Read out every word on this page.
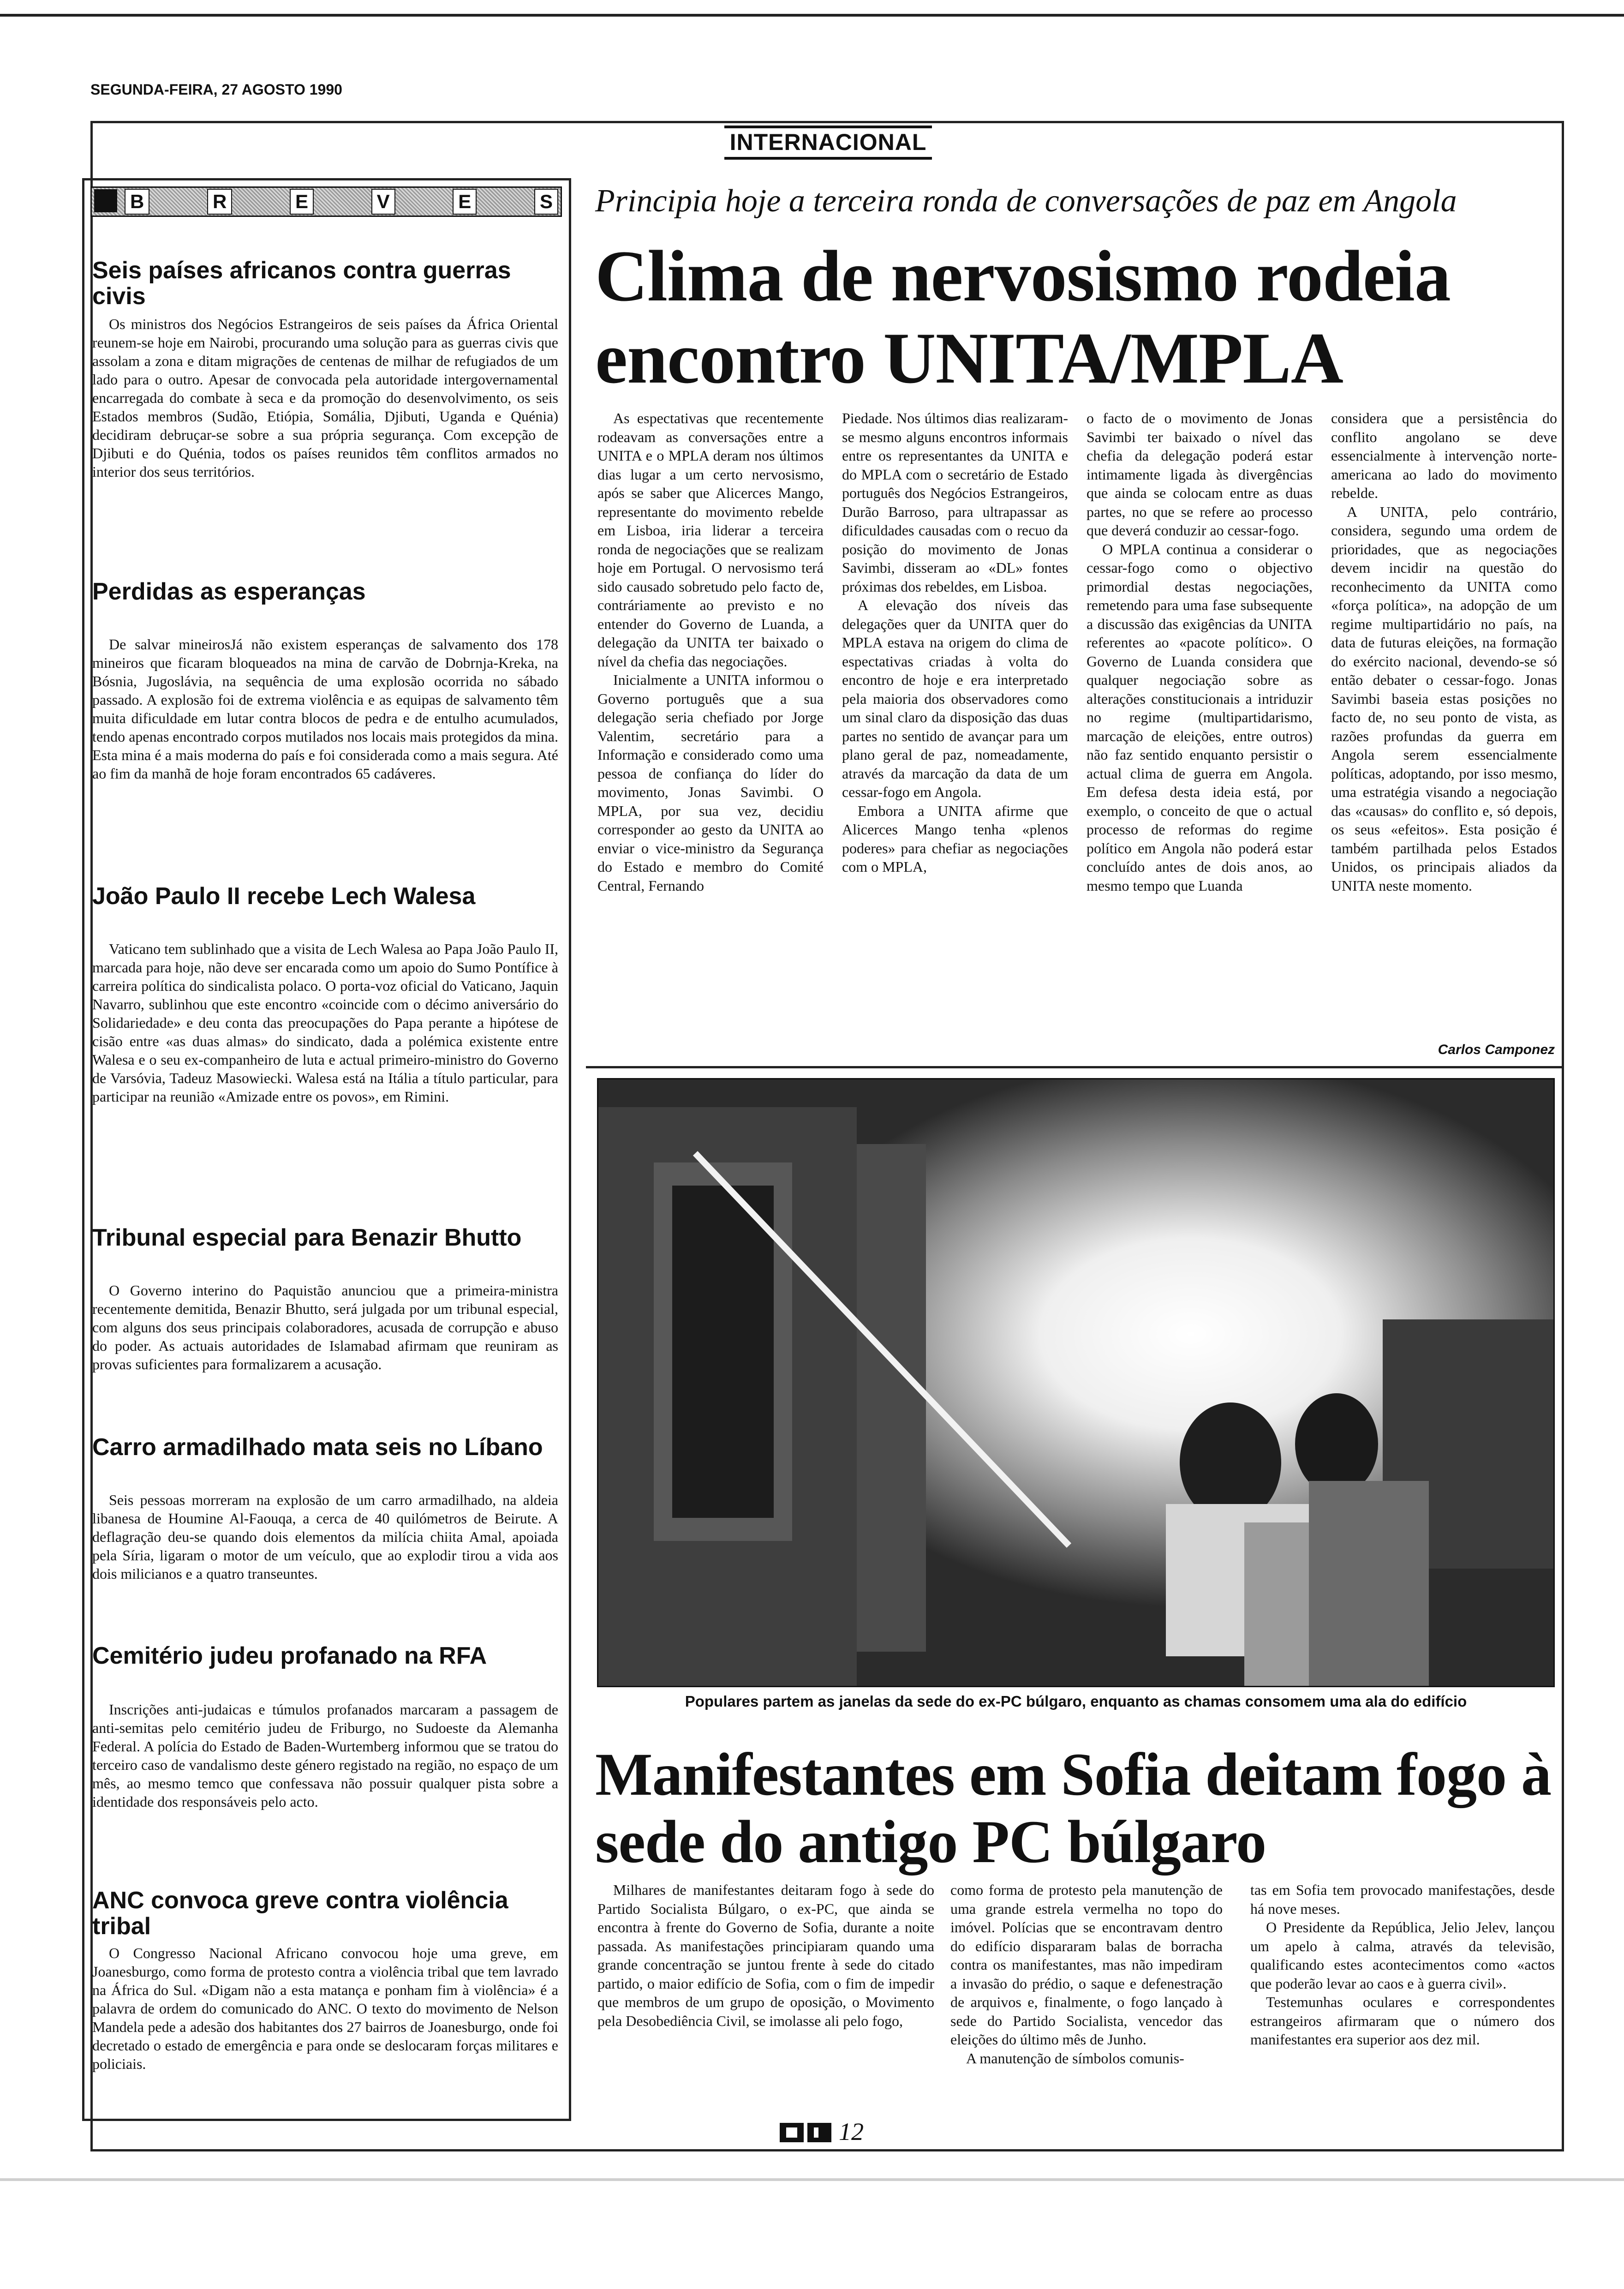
SEGUNDA-FEIRA, 27 AGOSTO 1990
INTERNACIONAL
B	R	E	V	E	S
Seis países africanos contra guerras civis
Os ministros dos Negócios Estrangeiros de seis países da África Oriental reunem-se hoje em Nairobi, procurando uma solução para as guerras civis que assolam a zona e ditam migrações de centenas de milhar de refugiados de um lado para o outro. Apesar de convocada pela autoridade intergovernamental encarregada do combate à seca e da promoção do desenvolvimento, os seis Estados membros (Sudão, Etiópia, Somália, Djibuti, Uganda e Quénia) decidiram debruçar-se sobre a sua própria segurança. Com excepção de Djibuti e do Quénia, todos os países reunidos têm conflitos armados no interior dos seus territórios.
Perdidas as esperanças
De salvar mineirosJá não existem esperanças de salvamento dos 178 mineiros que ficaram bloqueados na mina de carvão de Dobrnja-Kreka, na Bósnia, Jugoslávia, na sequência de uma explosão ocorrida no sábado passado. A explosão foi de extrema violência e as equipas de salvamento têm muita dificuldade em lutar contra blocos de pedra e de entulho acumulados, tendo apenas encontrado corpos mutilados nos locais mais protegidos da mina. Esta mina é a mais moderna do país e foi considerada como a mais segura. Até ao fim da manhã de hoje foram encontrados 65 cadáveres.
João Paulo II recebe Lech Walesa
Vaticano tem sublinhado que a visita de Lech Walesa ao Papa João Paulo II, marcada para hoje, não deve ser encarada como um apoio do Sumo Pontífice à carreira política do sindicalista polaco. O porta-voz oficial do Vaticano, Jaquin Navarro, sublinhou que este encontro «coincide com o décimo aniversário do Solidariedade» e deu conta das preocupações do Papa perante a hipótese de cisão entre «as duas almas» do sindicato, dada a polémica existente entre Walesa e o seu ex-companheiro de luta e actual primeiro-ministro do Governo de Varsóvia, Tadeuz Masowiecki. Walesa está na Itália a título particular, para participar na reunião «Amizade entre os povos», em Rimini.
Tribunal especial para Benazir Bhutto
O Governo interino do Paquistão anunciou que a primeira-ministra recentemente demitida, Benazir Bhutto, será julgada por um tribunal especial, com alguns dos seus principais colaboradores, acusada de corrupção e abuso do poder. As actuais autoridades de Islamabad afirmam que reuniram as provas suficientes para formalizarem a acusação.
Carro armadilhado mata seis no Líbano
Seis pessoas morreram na explosão de um carro armadilhado, na aldeia libanesa de Houmine Al-Faouqa, a cerca de 40 quilómetros de Beirute. A deflagração deu-se quando dois elementos da milícia chiita Amal, apoiada pela Síria, ligaram o motor de um veículo, que ao explodir tirou a vida aos dois milicianos e a quatro transeuntes.
Cemitério judeu profanado na RFA
Inscrições anti-judaicas e túmulos profanados marcaram a passagem de anti-semitas pelo cemitério judeu de Friburgo, no Sudoeste da Alemanha Federal. A polícia do Estado de Baden-Wurtemberg informou que se tratou do terceiro caso de vandalismo deste género registado na região, no espaço de um mês, ao mesmo temco que confessava não possuir qualquer pista sobre a identidade dos responsáveis pelo acto.
ANC convoca greve contra violência tribal
O Congresso Nacional Africano convocou hoje uma greve, em Joanesburgo, como forma de protesto contra a violência tribal que tem lavrado na África do Sul. «Digam não a esta matança e ponham fim à violência» é a palavra de ordem do comunicado do ANC. O texto do movimento de Nelson Mandela pede a adesão dos habitantes dos 27 bairros de Joanesburgo, onde foi decretado o estado de emergência e para onde se deslocaram forças militares e policiais.
Principia hoje a terceira ronda de conversações de paz em Angola
Clima de nervosismo rodeia encontro UNITA/MPLA

As espectativas que recentemente rodeavam as conversações entre a UNITA e o MPLA deram nos últimos dias lugar a um certo nervosismo, após se saber que Alicerces Mango, representante do movimento rebelde em Lisboa, iria liderar a terceira ronda de negociações que se realizam hoje em Portugal. O nervosismo terá sido causado sobretudo pelo facto de, contráriamente ao previsto e no entender do Governo de Luanda, a delegação da UNITA ter baixado o nível da chefia das negociações.

Inicialmente a UNITA informou o Governo português que a sua delegação seria chefiado por Jorge Valentim, secretário para a Informação e considerado como uma pessoa de confiança do líder do movimento, Jonas Savimbi. O MPLA, por sua vez, decidiu corresponder ao gesto da UNITA ao enviar o vice-ministro da Segurança do Estado e membro do Comité Central, Fernando

Piedade. Nos últimos dias realizaram-se mesmo alguns encontros informais entre os representantes da UNITA e do MPLA com o secretário de Estado português dos Negócios Estrangeiros, Durão Barroso, para ultrapassar as dificuldades causadas com o recuo da posição do movimento de Jonas Savimbi, disseram ao «DL» fontes próximas dos rebeldes, em Lisboa.

A elevação dos níveis das delegações quer da UNITA quer do MPLA estava na origem do clima de espectativas criadas à volta do encontro de hoje e era interpretado pela maioria dos observadores como um sinal claro da disposição das duas partes no sentido de avançar para um plano geral de paz, nomeadamente, através da marcação da data de um cessar-fogo em Angola.

Embora a UNITA afirme que Alicerces Mango tenha «plenos poderes» para chefiar as negociações com o MPLA,

o facto de o movimento de Jonas Savimbi ter baixado o nível das chefia da delegação poderá estar intimamente ligada às divergências que ainda se colocam entre as duas partes, no que se refere ao processo que deverá conduzir ao cessar-fogo.

O MPLA continua a considerar o cessar-fogo como o objectivo primordial destas negociações, remetendo para uma fase subsequente a discussão das exigências da UNITA referentes ao «pacote político». O Governo de Luanda considera que qualquer negociação sobre as alterações constitucionais a intriduzir no regime (multipartidarismo, marcação de eleições, entre outros) não faz sentido enquanto persistir o actual clima de guerra em Angola. Em defesa desta ideia está, por exemplo, o conceito de que o actual processo de reformas do regime político em Angola não poderá estar concluído antes de dois anos, ao mesmo tempo que Luanda

considera que a persistência do conflito angolano se deve essencialmente à intervenção norte-americana ao lado do movimento rebelde.

A UNITA, pelo contrário, considera, segundo uma ordem de prioridades, que as negociações devem incidir na questão do reconhecimento da UNITA como «força política», na adopção de um regime multipartidário no país, na data de futuras eleições, na formação do exército nacional, devendo-se só então debater o cessar-fogo. Jonas Savimbi baseia estas posições no facto de, no seu ponto de vista, as razões profundas da guerra em Angola serem essencialmente políticas, adoptando, por isso mesmo, uma estratégia visando a negociação das «causas» do conflito e, só depois, os seus «efeitos». Esta posição é também partilhada pelos Estados Unidos, os principais aliados da UNITA neste momento.

Carlos Camponez
Populares partem as janelas da sede do ex-PC búlgaro, enquanto as chamas consomem uma ala do edifício
Manifestantes em Sofia deitam fogo à sede do antigo PC búlgaro

Milhares de manifestantes deitaram fogo à sede do Partido Socialista Búlgaro, o ex-PC, que ainda se encontra à frente do Governo de Sofia, durante a noite passada. As manifestações principiaram quando uma grande concentração se juntou frente à sede do citado partido, o maior edifício de Sofia, com o fim de impedir que membros de um grupo de oposição, o Movimento pela Desobediência Civil, se imolasse ali pelo fogo,

como forma de protesto pela manutenção de uma grande estrela vermelha no topo do imóvel. Polícias que se encontravam dentro do edifício dispararam balas de borracha contra os manifestantes, mas não impediram a invasão do prédio, o saque e defenestração de arquivos e, finalmente, o fogo lançado à sede do Partido Socialista, vencedor das eleições do último mês de Junho.

A manutenção de símbolos comunis-

tas em Sofia tem provocado manifestações, desde há nove meses.

O Presidente da República, Jelio Jelev, lançou um apelo à calma, através da televisão, qualificando estes acontecimentos como «actos que poderão levar ao caos e à guerra civil».

Testemunhas oculares e correspondentes estrangeiros afirmaram que o número dos manifestantes era superior aos dez mil.

12
